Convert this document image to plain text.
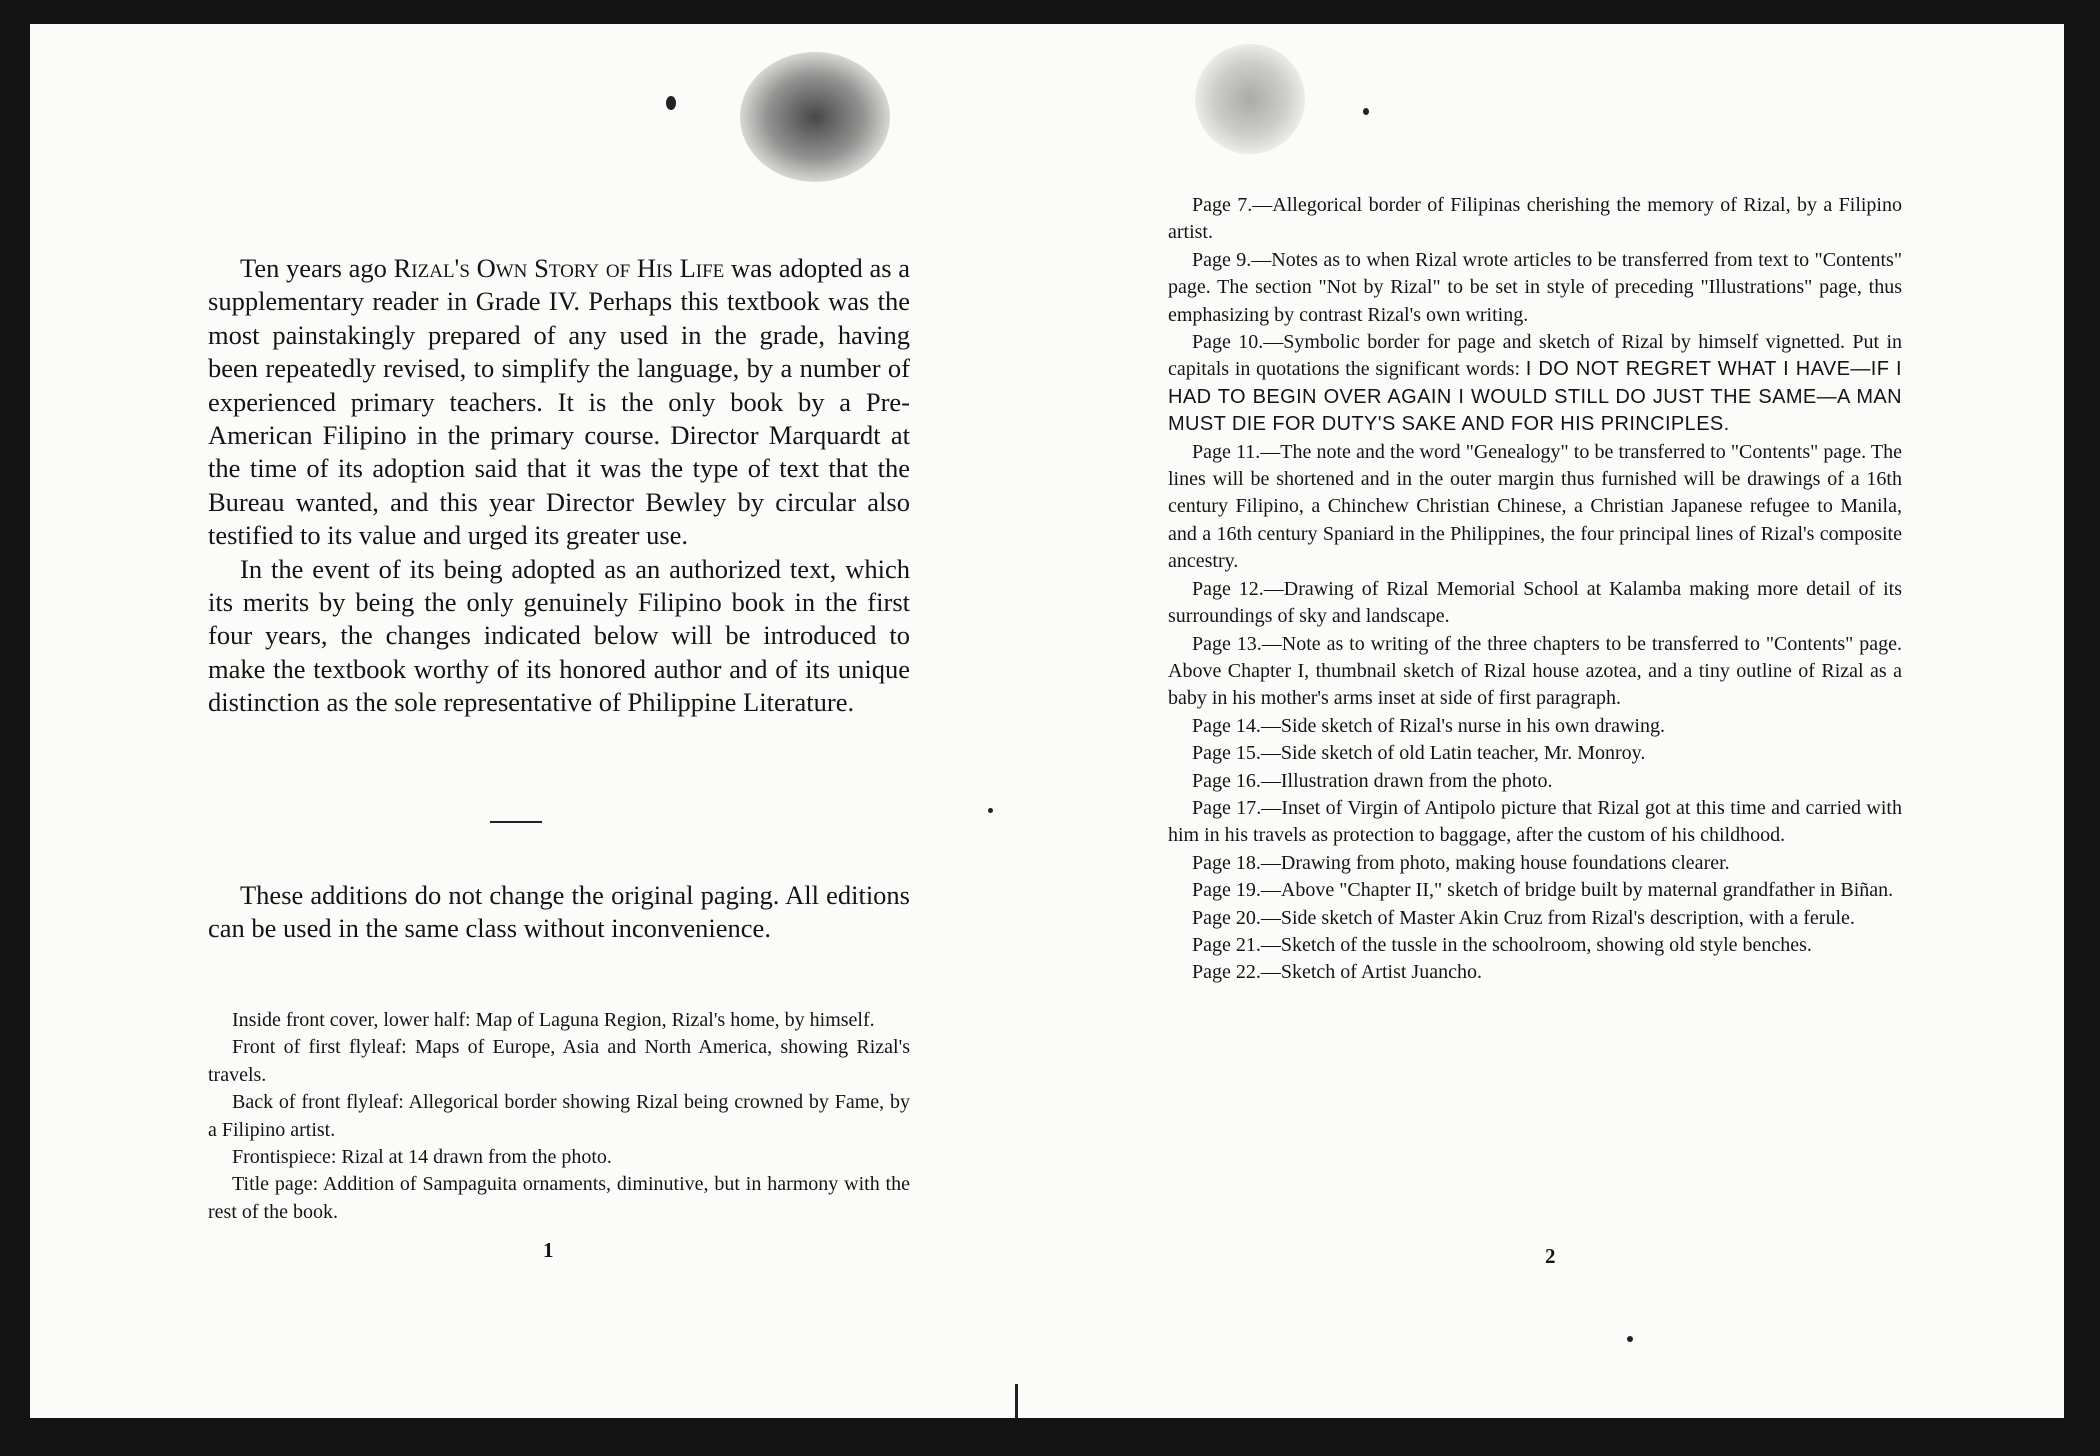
Ten years ago Rizal's Own Story of His Life was adopted as a supplementary reader in Grade IV. Perhaps this textbook was the most painstakingly prepared of any used in the grade, having been repeatedly revised, to simplify the language, by a number of experienced primary teachers. It is the only book by a Pre-American Filipino in the primary course. Director Marquardt at the time of its adoption said that it was the type of text that the Bureau wanted, and this year Director Bewley by circular also testified to its value and urged its greater use.

In the event of its being adopted as an authorized text, which its merits by being the only genuinely Filipino book in the first four years, the changes indicated below will be introduced to make the textbook worthy of its honored author and of its unique distinction as the sole representative of Philippine Literature.

These additions do not change the original paging. All editions can be used in the same class without inconvenience.

Inside front cover, lower half: Map of Laguna Region, Rizal's home, by himself.

Front of first flyleaf: Maps of Europe, Asia and North America, showing Rizal's travels.

Back of front flyleaf: Allegorical border showing Rizal being crowned by Fame, by a Filipino artist.

Frontispiece: Rizal at 14 drawn from the photo.

Title page: Addition of Sampaguita ornaments, diminutive, but in harmony with the rest of the book.

1

Page 7.—Allegorical border of Filipinas cherishing the memory of Rizal, by a Filipino artist.

Page 9.—Notes as to when Rizal wrote articles to be transferred from text to "Contents" page. The section "Not by Rizal" to be set in style of preceding "Illustrations" page, thus emphasizing by contrast Rizal's own writing.

Page 10.—Symbolic border for page and sketch of Rizal by himself vignetted. Put in capitals in quotations the significant words: I DO NOT REGRET WHAT I HAVE—IF I HAD TO BEGIN OVER AGAIN I WOULD STILL DO JUST THE SAME—A MAN MUST DIE FOR DUTY'S SAKE AND FOR HIS PRINCIPLES.

Page 11.—The note and the word "Genealogy" to be transferred to "Contents" page. The lines will be shortened and in the outer margin thus furnished will be drawings of a 16th century Filipino, a Chinchew Christian Chinese, a Christian Japanese refugee to Manila, and a 16th century Spaniard in the Philippines, the four principal lines of Rizal's composite ancestry.

Page 12.—Drawing of Rizal Memorial School at Kalamba making more detail of its surroundings of sky and landscape.

Page 13.—Note as to writing of the three chapters to be transferred to "Contents" page. Above Chapter I, thumbnail sketch of Rizal house azotea, and a tiny outline of Rizal as a baby in his mother's arms inset at side of first paragraph.

Page 14.—Side sketch of Rizal's nurse in his own drawing.

Page 15.—Side sketch of old Latin teacher, Mr. Monroy.

Page 16.—Illustration drawn from the photo.

Page 17.—Inset of Virgin of Antipolo picture that Rizal got at this time and carried with him in his travels as protection to baggage, after the custom of his childhood.

Page 18.—Drawing from photo, making house foundations clearer.

Page 19.—Above "Chapter II," sketch of bridge built by maternal grandfather in Biñan.

Page 20.—Side sketch of Master Akin Cruz from Rizal's description, with a ferule.

Page 21.—Sketch of the tussle in the schoolroom, showing old style benches.

Page 22.—Sketch of Artist Juancho.

2
